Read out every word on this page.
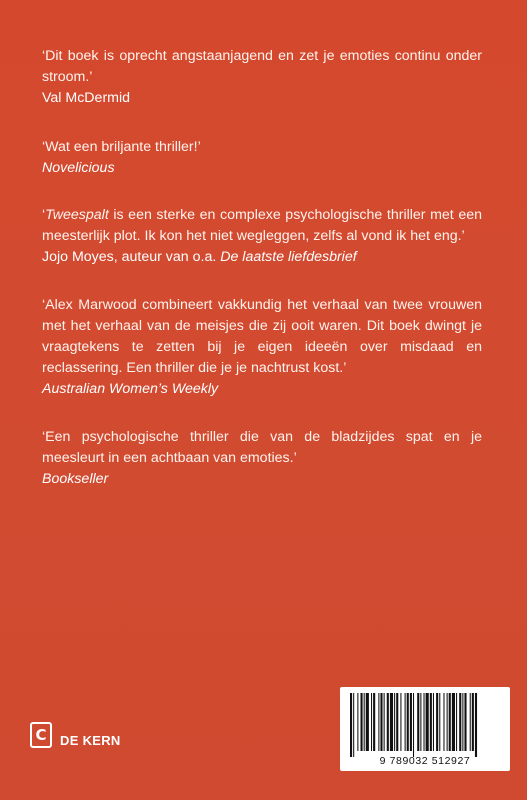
‘Dit boek is oprecht angstaanjagend en zet je emoties continu onder stroom.’

Val McDermid

‘Wat een briljante thriller!’

Novelicious

‘Tweespalt is een sterke en complexe psychologische thriller met een meesterlijk plot. Ik kon het niet wegleggen, zelfs al vond ik het eng.’

Jojo Moyes, auteur van o.a. De laatste liefdesbrief

‘Alex Marwood combineert vakkundig het verhaal van twee vrouwen met het verhaal van de meisjes die zij ooit waren. Dit boek dwingt je vraagtekens te zetten bij je eigen ideeën over misdaad en reclassering. Een thriller die je je nachtrust kost.’

Australian Women’s Weekly

‘Een psychologische thriller die van de bladzijdes spat en je meesleurt in een achtbaan van emoties.’

Bookseller

C DE KERN
9 789032 512927
